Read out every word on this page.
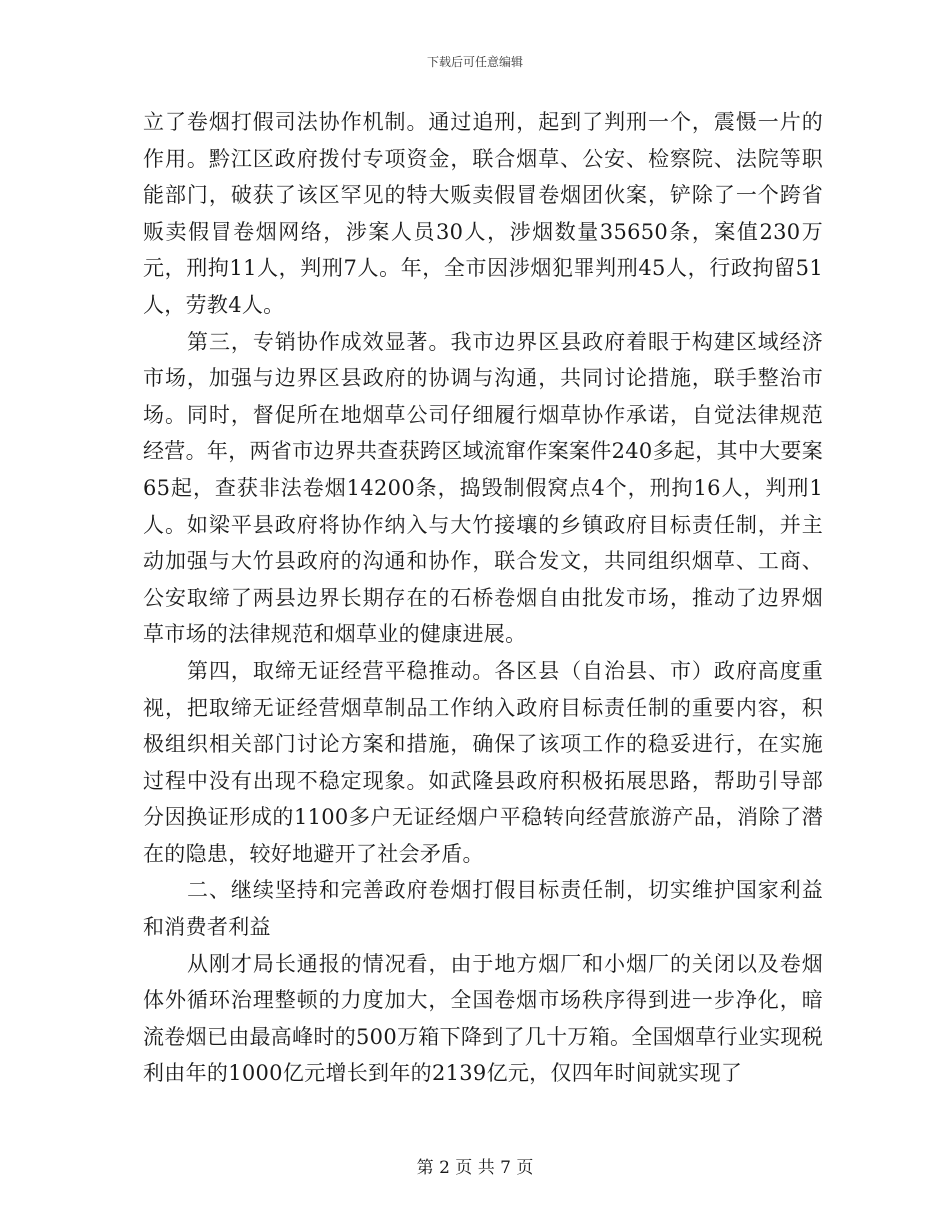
下载后可任意编辑

立了卷烟打假司法协作机制。通过追刑，起到了判刑一个，震慑一片的作用。黔江区政府拨付专项资金，联合烟草、公安、检察院、法院等职能部门，破获了该区罕见的特大贩卖假冒卷烟团伙案，铲除了一个跨省贩卖假冒卷烟网络，涉案人员30人，涉烟数量35650条，案值230万元，刑拘11人，判刑7人。年，全市因涉烟犯罪判刑45人，行政拘留51人，劳教4人。

第三，专销协作成效显著。我市边界区县政府着眼于构建区域经济市场，加强与边界区县政府的协调与沟通，共同讨论措施，联手整治市场。同时，督促所在地烟草公司仔细履行烟草协作承诺，自觉法律规范经营。年，两省市边界共查获跨区域流窜作案案件240多起，其中大要案65起，查获非法卷烟14200条，捣毁制假窝点4个，刑拘16人，判刑1人。如梁平县政府将协作纳入与大竹接壤的乡镇政府目标责任制，并主动加强与大竹县政府的沟通和协作，联合发文，共同组织烟草、工商、公安取缔了两县边界长期存在的石桥卷烟自由批发市场，推动了边界烟草市场的法律规范和烟草业的健康进展。

第四，取缔无证经营平稳推动。各区县（自治县、市）政府高度重视，把取缔无证经营烟草制品工作纳入政府目标责任制的重要内容，积极组织相关部门讨论方案和措施，确保了该项工作的稳妥进行，在实施过程中没有出现不稳定现象。如武隆县政府积极拓展思路，帮助引导部分因换证形成的1100多户无证经烟户平稳转向经营旅游产品，消除了潜在的隐患，较好地避开了社会矛盾。

二、继续坚持和完善政府卷烟打假目标责任制，切实维护国家利益和消费者利益

从刚才局长通报的情况看，由于地方烟厂和小烟厂的关闭以及卷烟体外循环治理整顿的力度加大，全国卷烟市场秩序得到进一步净化，暗流卷烟已由最高峰时的500万箱下降到了几十万箱。全国烟草行业实现税利由年的1000亿元增长到年的2139亿元，仅四年时间就实现了

第 2 页 共 7 页
